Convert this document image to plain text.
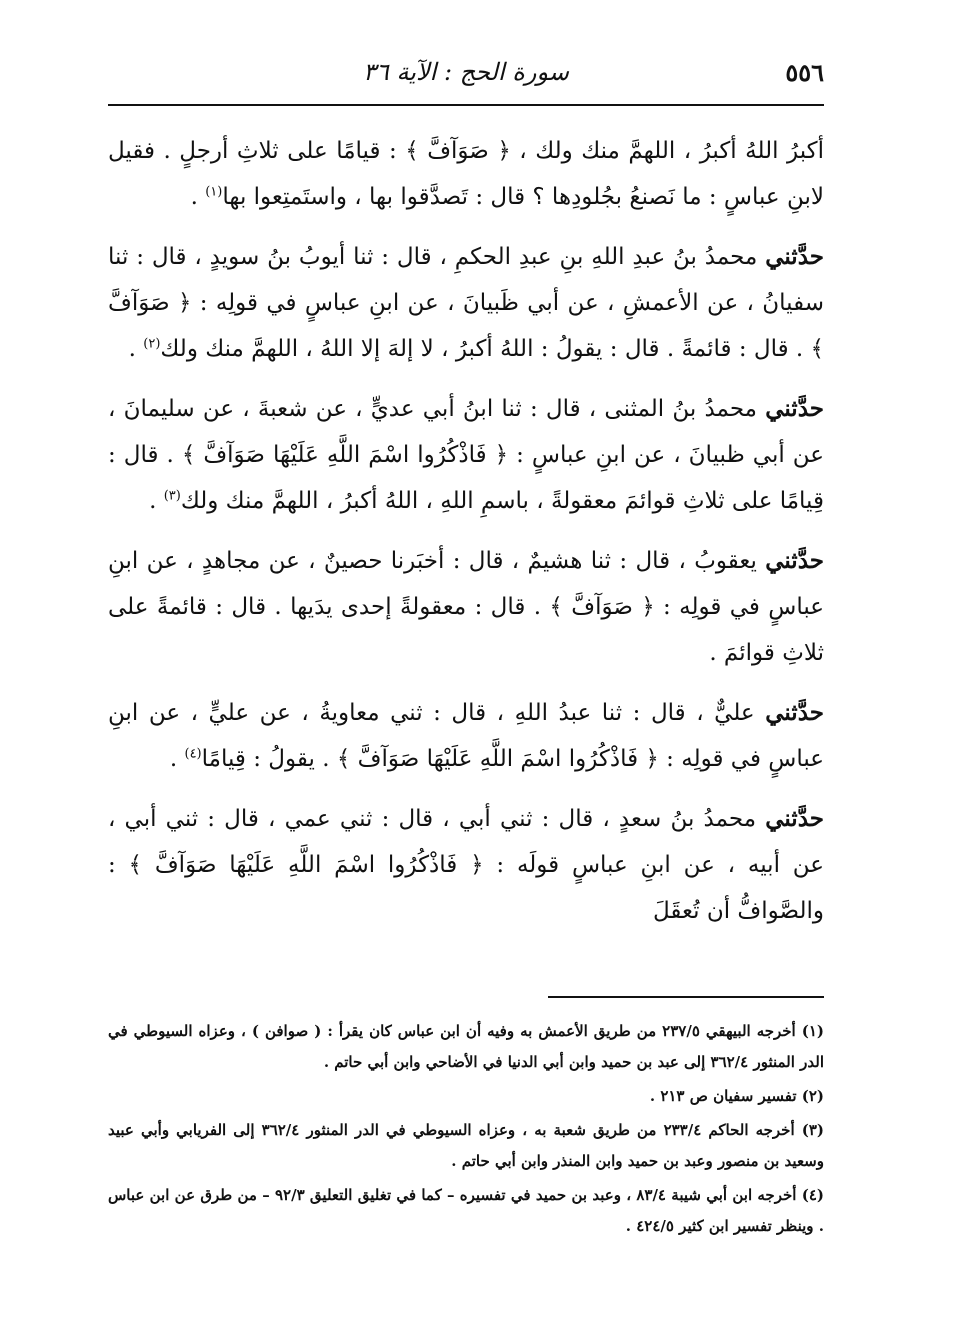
٥٥٦
سورة الحج : الآية ٣٦

أكبرُ اللهُ أكبرُ ، اللهمَّ منك ولك ، ﴿ صَوَآفَّ ﴾ : قيامًا على ثلاثِ أرجلٍ . فقيل لابنِ عباسٍ : ما نَصنعُ بجُلودِها ؟ قال : تَصدَّقوا بها ، واستَمتِعوا بها$^{(١)}$ .

حدَّثني محمدُ بنُ عبدِ اللهِ بنِ عبدِ الحكمِ ، قال : ثنا أيوبُ بنُ سويدٍ ، قال : ثنا سفيانُ ، عن الأعمشِ ، عن أبي ظَبيانَ ، عن ابنِ عباسٍ في قولِه : ﴿ صَوَآفَّ ﴾ . قال : قائمةً . قال : يقولُ : اللهُ أكبرُ ، لا إلهَ إلا اللهُ ، اللهمَّ منك ولك$^{(٢)}$ .

حدَّثني محمدُ بنُ المثنى ، قال : ثنا ابنُ أبي عديٍّ ، عن شعبةَ ، عن سليمانَ ، عن أبي ظبيانَ ، عن ابنِ عباسٍ : ﴿ فَاذْكُرُوا اسْمَ اللَّهِ عَلَيْهَا صَوَآفَّ ﴾ . قال : قِيامًا على ثلاثِ قوائمَ معقولةً ، باسمِ اللهِ ، اللهُ أكبرُ ، اللهمَّ منك ولك$^{(٣)}$ .

حدَّثني يعقوبُ ، قال : ثنا هشيمٌ ، قال : أخبَرنا حصينٌ ، عن مجاهدٍ ، عن ابنِ عباسٍ في قولِه : ﴿ صَوَآفَّ ﴾ . قال : معقولةً إحدى يدَيها . قال : قائمةً على ثلاثِ قوائمَ .

حدَّثني عليٌّ ، قال : ثنا عبدُ اللهِ ، قال : ثني معاويةُ ، عن عليٍّ ، عن ابنِ عباسٍ في قولِه : ﴿ فَاذْكُرُوا اسْمَ اللَّهِ عَلَيْهَا صَوَآفَّ ﴾ . يقولُ : قِيامًا$^{(٤)}$ .

حدَّثني محمدُ بنُ سعدٍ ، قال : ثني أبي ، قال : ثني عمي ، قال : ثني أبي ، عن أبيه ، عن ابنِ عباسٍ قولَه : ﴿ فَاذْكُرُوا اسْمَ اللَّهِ عَلَيْهَا صَوَآفَّ ﴾ : والصَّوافُّ أن تُعقَلَ

(١) أخرجه البيهقي ٢٣٧/٥ من طريق الأعمش به وفيه أن ابن عباس كان يقرأ : ( صوافن ) ، وعزاه السيوطي في الدر المنثور ٣٦٢/٤ إلى عبد بن حميد وابن أبي الدنيا في الأضاحي وابن أبي حاتم .

(٢) تفسير سفيان ص ٢١٣ .

(٣) أخرجه الحاكم ٢٣٣/٤ من طريق شعبة به ، وعزاه السيوطي في الدر المنثور ٣٦٢/٤ إلى الفريابي وأبي عبيد وسعيد بن منصور وعبد بن حميد وابن المنذر وابن أبي حاتم .

(٤) أخرجه ابن أبي شيبة ٨٣/٤ ، وعبد بن حميد في تفسيره – كما في تغليق التعليق ٩٢/٣ – من طرق عن ابن عباس . وينظر تفسير ابن كثير ٤٢٤/٥ .
